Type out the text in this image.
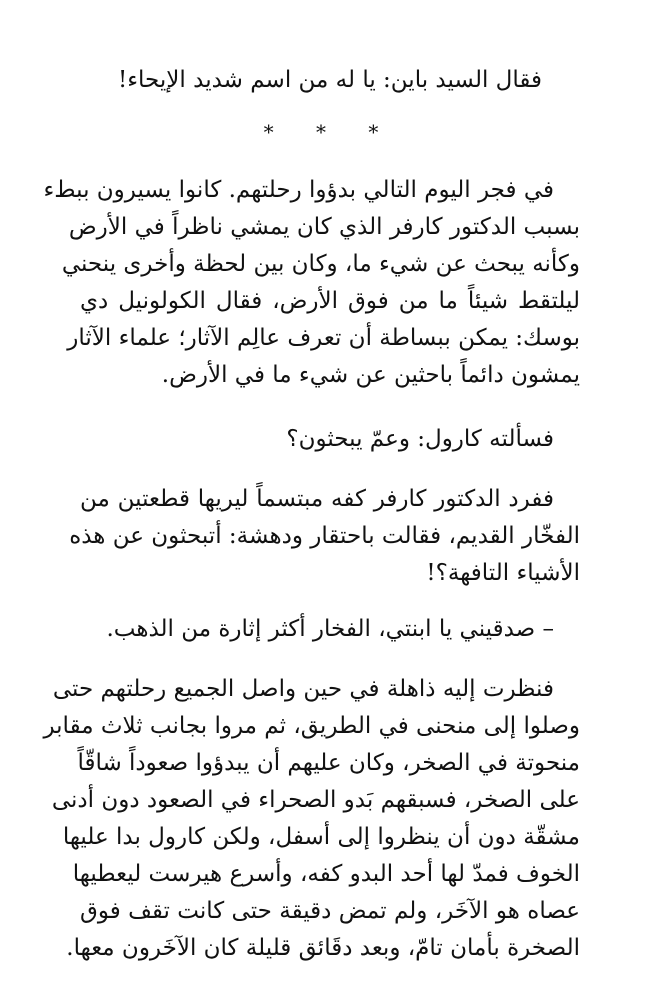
فقال السيد باين: يا له من اسم شديد الإيحاء!
* * *
في فجر اليوم التالي بدؤوا رحلتهم. كانوا يسيرون ببطء
بسبب الدكتور كارفر الذي كان يمشي ناظراً في الأرض
وكأنه يبحث عن شيء ما، وكان بين لحظة وأخرى ينحني
ليلتقط شيئاً ما من فوق الأرض، فقال الكولونيل دي
بوسك: يمكن ببساطة أن تعرف عالِم الآثار؛ علماء الآثار
يمشون دائماً باحثين عن شيء ما في الأرض.
فسألته كارول: وعمّ يبحثون؟
ففرد الدكتور كارفر كفه مبتسماً ليريها قطعتين من
الفخّار القديم، فقالت باحتقار ودهشة: أتبحثون عن هذه
الأشياء التافهة؟!
– صدقيني يا ابنتي، الفخار أكثر إثارة من الذهب.
فنظرت إليه ذاهلة في حين واصل الجميع رحلتهم حتى
وصلوا إلى منحنى في الطريق، ثم مروا بجانب ثلاث مقابر
منحوتة في الصخر، وكان عليهم أن يبدؤوا صعوداً شاقّاً
على الصخر، فسبقهم بَدو الصحراء في الصعود دون أدنى
مشقّة دون أن ينظروا إلى أسفل، ولكن كارول بدا عليها
الخوف فمدّ لها أحد البدو كفه، وأسرع هيرست ليعطيها
عصاه هو الآخَر، ولم تمض دقيقة حتى كانت تقف فوق
الصخرة بأمان تامّ، وبعد دقَائق قليلة كان الآخَرون معها.
